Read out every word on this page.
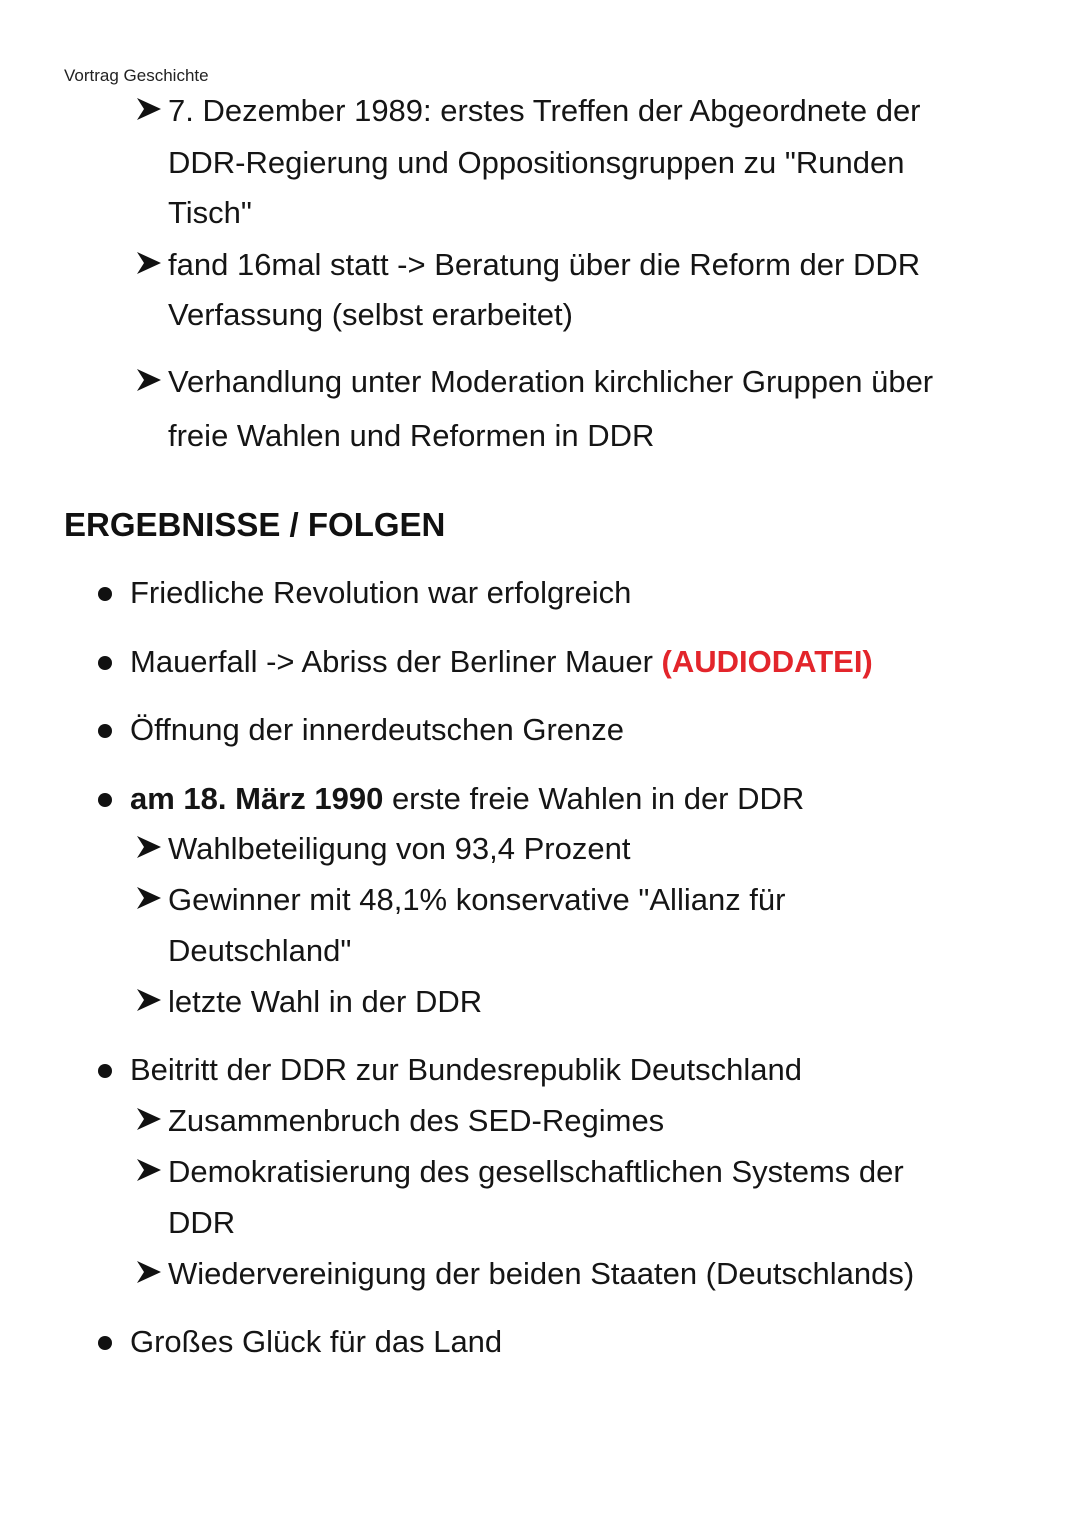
Vortrag Geschichte
7. Dezember 1989: erstes Treffen der Abgeordnete der
DDR-Regierung und Oppositionsgruppen zu "Runden
Tisch"
fand 16mal statt -> Beratung über die Reform der DDR
Verfassung (selbst erarbeitet)
Verhandlung unter Moderation kirchlicher Gruppen über
freie Wahlen und Reformen in DDR
ERGEBNISSE / FOLGEN
Friedliche Revolution war erfolgreich
Mauerfall -> Abriss der Berliner Mauer (AUDIODATEI)
Öffnung der innerdeutschen Grenze
am 18. März 1990 erste freie Wahlen in der DDR
Wahlbeteiligung von 93,4 Prozent
Gewinner mit 48,1% konservative "Allianz für
Deutschland"
letzte Wahl in der DDR
Beitritt der DDR zur Bundesrepublik Deutschland
Zusammenbruch des SED-Regimes
Demokratisierung des gesellschaftlichen Systems der
DDR
Wiedervereinigung der beiden Staaten (Deutschlands)
Großes Glück für das Land
